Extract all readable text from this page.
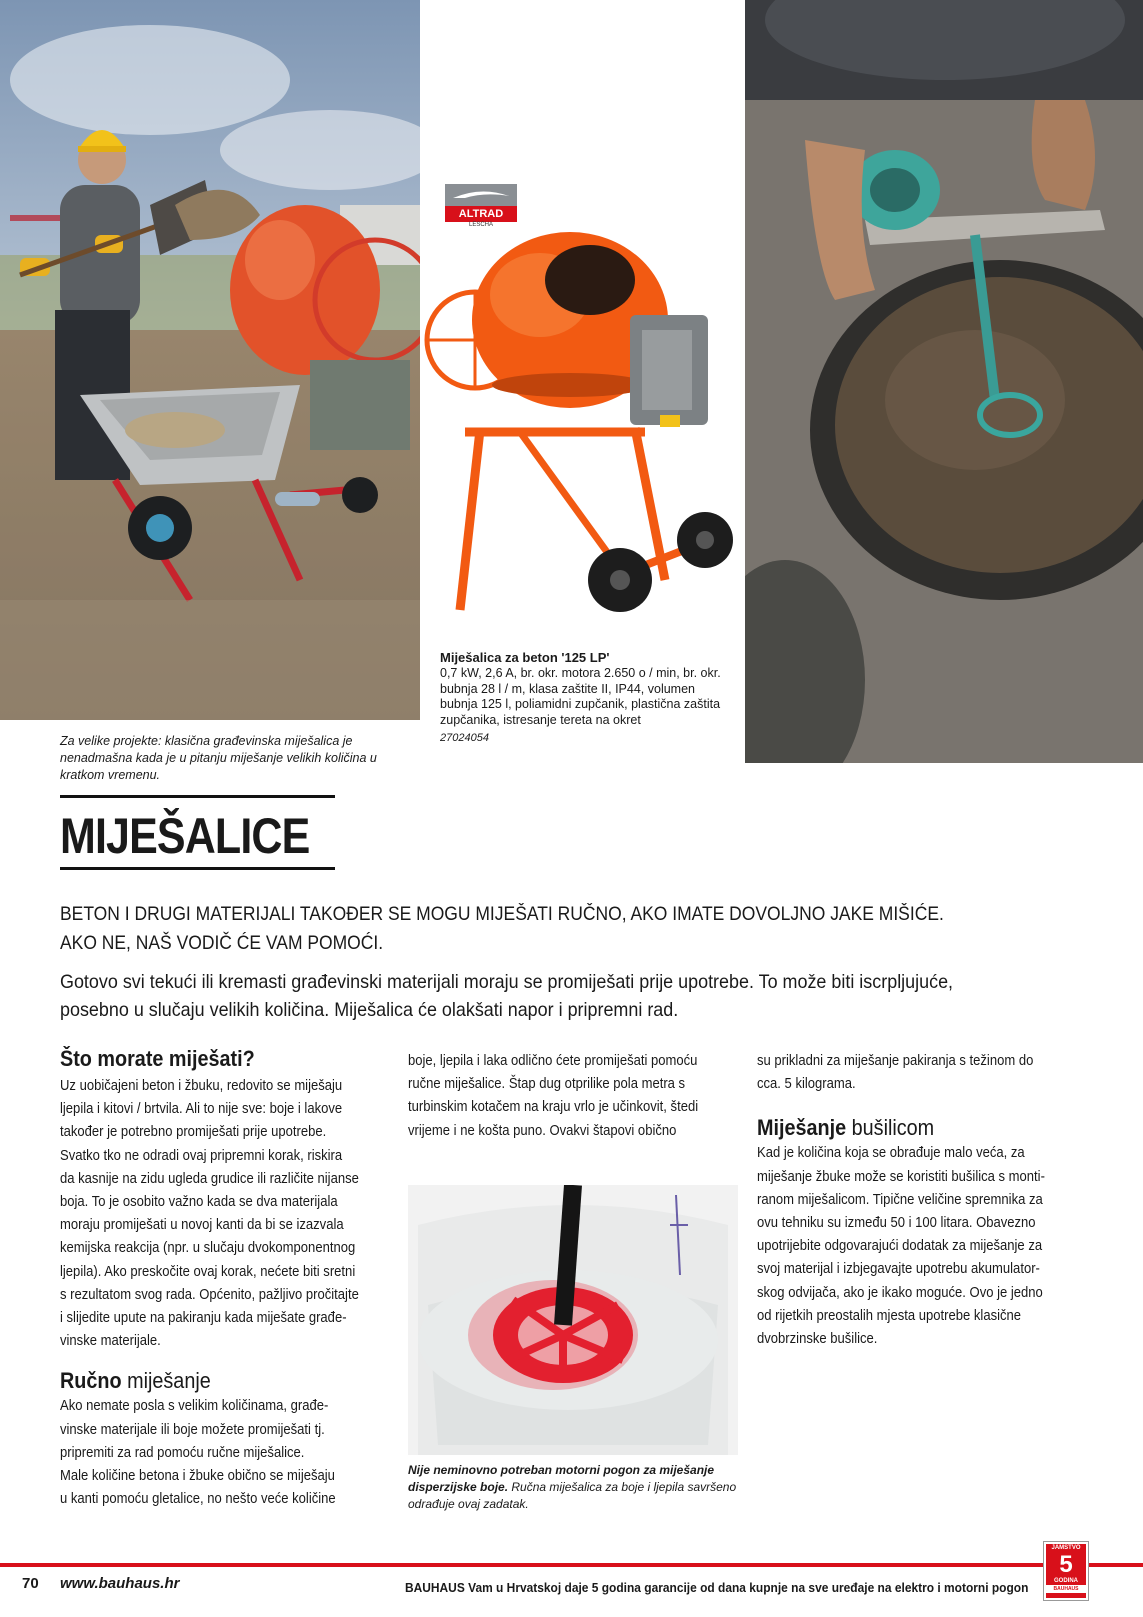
ALTRAD
LESCHA
Za velike projekte: klasična građevinska miješalica je nenadmašna kada je u pitanju miješanje velikih količina u kratkom vremenu.
Miješalica za beton '125 LP'
0,7 kW, 2,6 A, br. okr. motora 2.650 o / min, br. okr. bubnja 28 l / m, klasa zaštite II, IP44, volumen bubnja 125 l, poliamidni zupčanik, plastična zaštita zupčanika, istresanje tereta na okret
27024054
MIJEŠALICE
BETON I DRUGI MATERIJALI TAKOĐER SE MOGU MIJEŠATI RUČNO, AKO IMATE DOVOLJNO JAKE MIŠIĆE.
AKO NE, NAŠ VODIČ ĆE VAM POMOĆI.
Gotovo svi tekući ili kremasti građevinski materijali moraju se promiješati prije upotrebe. To može biti iscrpljujuće,
posebno u slučaju velikih količina. Miješalica će olakšati napor i pripremni rad.
Što morate miješati?
Uz uobičajeni beton i žbuku, redovito se miješaju
ljepila i kitovi / brtvila. Ali to nije sve: boje i lakove
također je potrebno promiješati prije upotrebe.
Svatko tko ne odradi ovaj pripremni korak, riskira
da kasnije na zidu ugleda grudice ili različite nijanse
boja. To je osobito važno kada se dva materijala
moraju promiješati u novoj kanti da bi se izazvala
kemijska reakcija (npr. u slučaju dvokomponentnog
ljepila). Ako preskočite ovaj korak, nećete biti sretni
s rezultatom svog rada. Općenito, pažljivo pročitajte
i slijedite upute na pakiranju kada miješate građe-
vinske materijale.
Ručno miješanje
Ako nemate posla s velikim količinama, građe-
vinske materijale ili boje možete promiješati tj.
pripremiti za rad pomoću ručne miješalice.
Male količine betona i žbuke obično se miješaju
u kanti pomoću gletalice, no nešto veće količine
boje, ljepila i laka odlično ćete promiješati pomoću
ručne miješalice. Štap dug otprilike pola metra s
turbinskim kotačem na kraju vrlo je učinkovit, štedi
vrijeme i ne košta puno. Ovakvi štapovi obično
Nije neminovno potreban motorni pogon za miješanje disperzijske boje. Ručna miješalica za boje i ljepila savršeno odrađuje ovaj zadatak.
su prikladni za miješanje pakiranja s težinom do
cca. 5 kilograma.
Miješanje bušilicom
Kad je količina koja se obrađuje malo veća, za
miješanje žbuke može se koristiti bušilica s monti-
ranom miješalicom. Tipične veličine spremnika za
ovu tehniku su između 50 i 100 litara. Obavezno
upotrijebite odgovarajući dodatak za miješanje za
svoj materijal i izbjegavajte upotrebu akumulator-
skog odvijača, ako je ikako moguće. Ovo je jedno
od rijetkih preostalih mjesta upotrebe klasične
dvobrzinske bušilice.
70 www.bauhaus.hr	BAUHAUS Vam u Hrvatskoj daje 5 godina garancije od dana kupnje na sve uređaje na elektro i motorni pogon
JAMSTVO
5
GODINA
BAUHAUS
